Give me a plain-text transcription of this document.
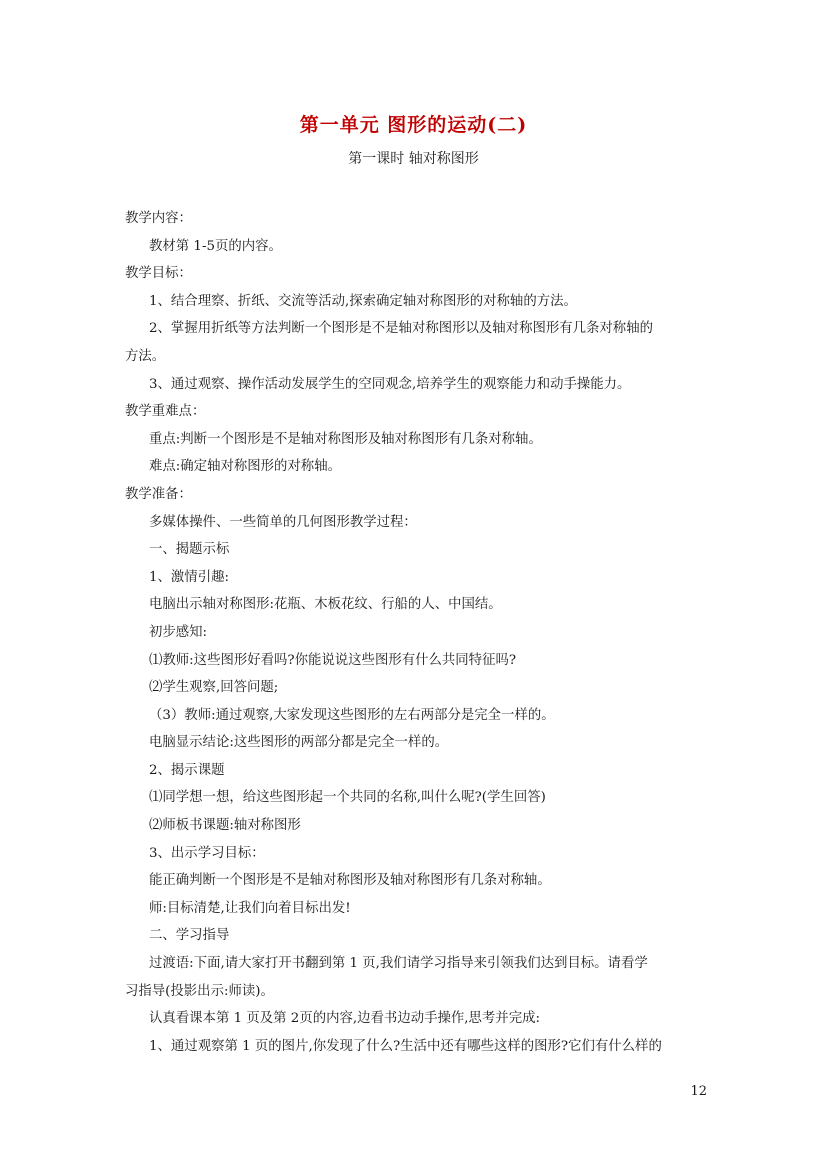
第一单元 图形的运动(二)
第一课时 轴对称图形
教学内容：
教材第 1-5页的内容。
教学目标：
1、结合理察、折纸、交流等活动,探索确定轴对称图形的对称轴的方法。
2、掌握用折纸等方法判断一个图形是不是轴对称图形以及轴对称图形有几条对称轴的
方法。
3、通过观察、操作活动发展学生的空同观念,培养学生的观察能力和动手操能力。
教学重难点：
重点:判断一个图形是不是轴对称图形及轴对称图形有几条对称轴。
难点:确定轴对称图形的对称轴。
教学准备：
多媒体操件、一些简单的几何图形教学过程：
一、揭题示标
1、激情引趣:
电脑出示轴对称图形:花瓶、木板花纹、行船的人、中国结。
初步感知:
⑴教师:这些图形好看吗?你能说说这些图形有什么共同特征吗?
⑵学生观察,回答问题;
（3）教师:通过观察,大家发现这些图形的左右两部分是完全一样的。
电脑显示结论:这些图形的两部分都是完全一样的。
2、揭示课题
⑴同学想一想，给这些图形起一个共同的名称,叫什么呢?(学生回答)
⑵师板书课题:轴对称图形
3、出示学习目标：
能正确判断一个图形是不是轴对称图形及轴对称图形有几条对称轴。
师:目标清楚,让我们向着目标出发!
二、学习指导
过渡语:下面,请大家打开书翻到第 1 页,我们请学习指导来引领我们达到目标。请看学
习指导(投影出示:师读)。
认真看课本第 1 页及第 2页的内容,边看书边动手操作,思考并完成:
1、通过观察第 1 页的图片,你发现了什么?生活中还有哪些这样的图形?它们有什么样的
12
